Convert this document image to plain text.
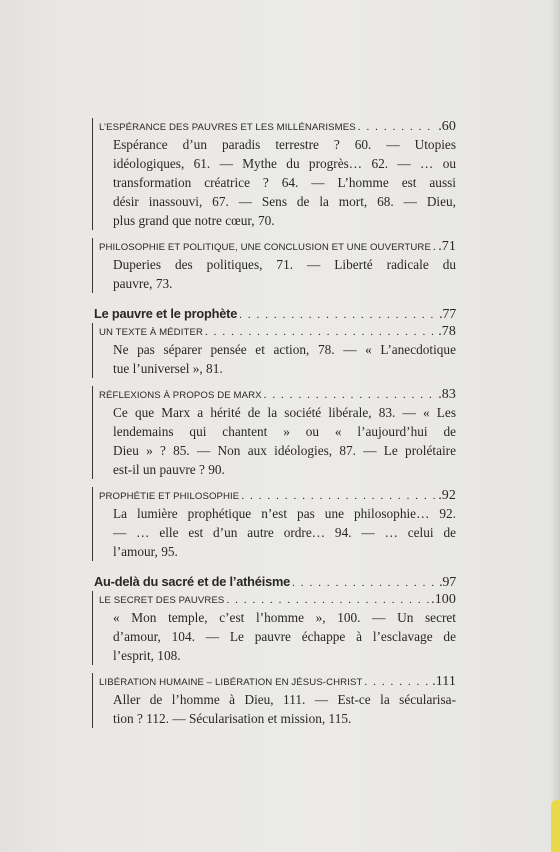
L’ESPÉRANCE DES PAUVRES ET LES MILLÉNARISMES . . .	.60
Espérance d’un paradis terrestre ? 60. — Utopies
idéologiques, 61. — Mythe du progrès… 62. — … ou
transformation créatrice ? 64. — L’homme est aussi
désir inassouvi, 67. — Sens de la mort, 68. — Dieu,
plus grand que notre cœur, 70.
PHILOSOPHIE ET POLITIQUE, UNE CONCLUSION ET UNE OUVERTURE . . . .71
Duperies des politiques, 71. — Liberté radicale du
pauvre, 73.
Le pauvre et le prophète . . .	.77
UN TEXTE À MÉDITER . . .	.78
Ne pas séparer pensée et action, 78. — « L’anecdotique
tue l’universel », 81.
RÉFLEXIONS À PROPOS DE MARX . . .	.83
Ce que Marx a hérité de la société libérale, 83. — « Les
lendemains qui chantent » ou « l’aujourd’hui de
Dieu » ? 85. — Non aux idéologies, 87. — Le prolétaire
est-il un pauvre ? 90.
PROPHÉTIE ET PHILOSOPHIE . . .	.92
La lumière prophétique n’est pas une philosophie… 92.
— … elle est d’un autre ordre… 94. — … celui de
l’amour, 95.
Au-delà du sacré et de l’athéisme . . .	.97
LE SECRET DES PAUVRES . . .	.100
« Mon temple, c’est l’homme », 100. — Un secret
d’amour, 104. — Le pauvre échappe à l’esclavage de
l’esprit, 108.
LIBÉRATION HUMAINE – LIBÉRATION EN JÉSUS-CHRIST . . .	.111
Aller de l’homme à Dieu, 111. — Est-ce la sécularisa-
tion ? 112. — Sécularisation et mission, 115.
